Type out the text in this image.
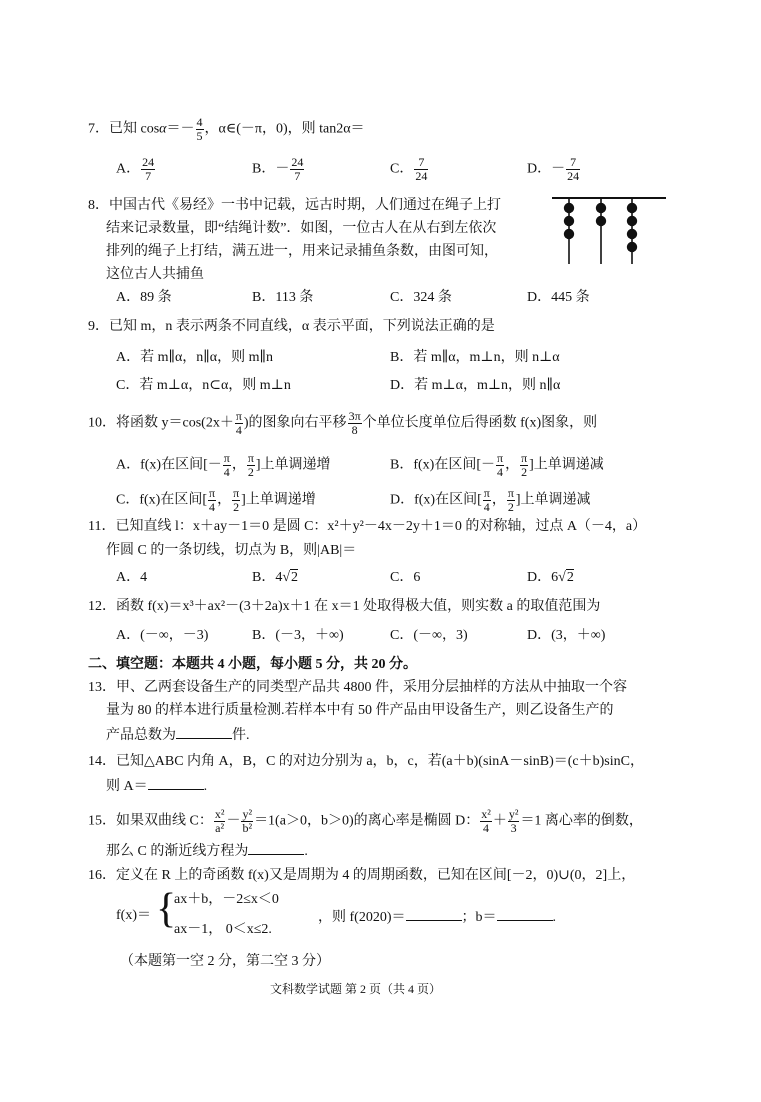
7．已知 $\cos\alpha=- \frac{4}{5}$ ，α∈(－π，0)，则 tan2α＝
A． $\frac{24}{7}$	B．－ $\frac{24}{7}$	C． $\frac{7}{24}$	D．－ $\frac{7}{24}$
8．中国古代《易经》一书中记载，远古时期，人们通过在绳子上打
结来记录数量，即“结绳计数”．如图，一位古人在从右到左依次
排列的绳子上打结，满五进一，用来记录捕鱼条数，由图可知，
这位古人共捕鱼
A．89 条	B．113 条	C．324 条	D．445 条
9．已知 m，n 表示两条不同直线，α 表示平面，下列说法正确的是
A．若 m∥α，n∥α，则 m∥n	B．若 m∥α，m⊥n，则 n⊥α
C．若 m⊥α，n⊂α，则 m⊥n	D．若 m⊥α，m⊥n，则 n∥α
10．将函数 $y=\cos(2x+ \frac{\pi}{4}$ )的图象向右平移 $\frac{3\pi}{8}$ 个单位长度单位后得函数 f(x)图象，则
A．f(x)在区间[－ $\frac{\pi}{4}$ ， $\frac{\pi}{2}$ ]上单调递增	B．f(x)在区间[－ $\frac{\pi}{4}$ ， $\frac{\pi}{2}$ ]上单调递减
C．f(x)在区间[ $\frac{\pi}{4}$ ， $\frac{\pi}{2}$ ]上单调递增	D．f(x)在区间[ $\frac{\pi}{4}$ ， $\frac{\pi}{2}$ ]上单调递减
11．已知直线 l：x＋ay－1＝0 是圆 C：x²＋y²－4x－2y＋1＝0 的对称轴，过点 A（－4，a）
作圆 C 的一条切线，切点为 B，则|AB|＝
A．4	B．4√2	C．6	D．6√2
12．函数 f(x)＝x³＋ax²－(3＋2a)x＋1 在 x＝1 处取得极大值，则实数 a 的取值范围为
A．(－∞，－3)	B．(－3，＋∞)	C．(－∞，3)	D．(3，＋∞)
二、填空题：本题共 4 小题，每小题 5 分，共 20 分。
13．甲、乙两套设备生产的同类型产品共 4800 件，采用分层抽样的方法从中抽取一个容
量为 80 的样本进行质量检测.若样本中有 50 件产品由甲设备生产，则乙设备生产的
产品总数为	件.
14．已知△ABC 内角 A，B，C 的对边分别为 a，b，c，若(a＋b)(sinA－sinB)＝(c＋b)sinC，
则 A＝	.
15．如果双曲线 C： $\frac{\text{x²}}{\text{a²}} - \frac{\text{y²}}{\text{b²}} =1(a>0$，b＞0)的离心率是椭圆 D： $\frac{\text{x²}}{4} + \frac{\text{y²}}{3} =1$ 离心率的倒数，
那么 C 的渐近线方程为	.
16．定义在 R 上的奇函数 f(x)又是周期为 4 的周期函数，已知在区间[－2，0)∪(0，2]上，
f(x)＝ {
ax＋b，－2≤x＜0
ax－1， 0＜x≤2.
，则 f(2020)＝	；b＝	.
（本题第一空 2 分，第二空 3 分）
文科数学试题 第 2 页（共 4 页）
